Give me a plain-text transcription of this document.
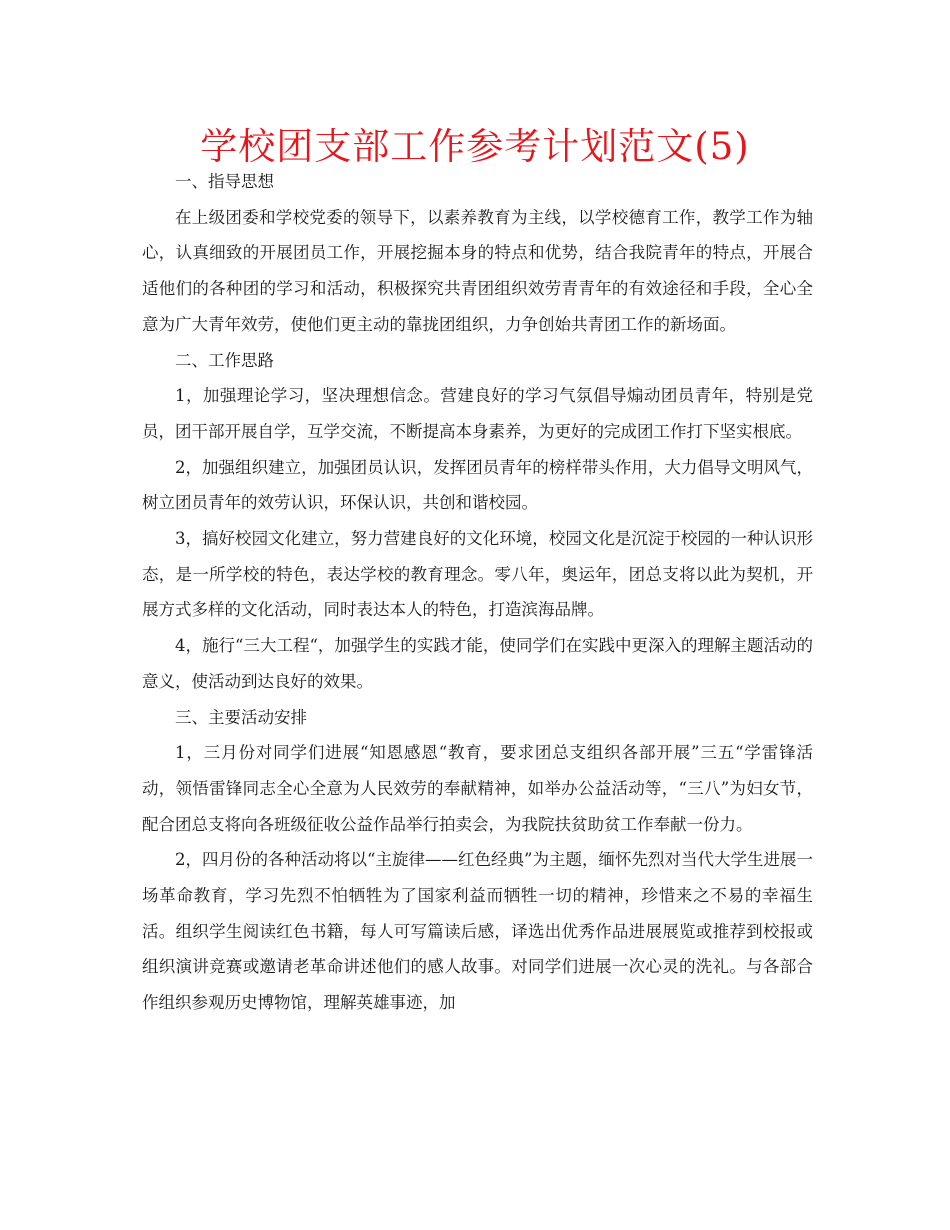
学校团支部工作参考计划范文(5)

一、指导思想

在上级团委和学校党委的领导下，以素养教育为主线，以学校德育工作，教学工作为轴心，认真细致的开展团员工作，开展挖掘本身的特点和优势，结合我院青年的特点，开展合适他们的各种团的学习和活动，积极探究共青团组织效劳青青年的有效途径和手段，全心全意为广大青年效劳，使他们更主动的靠拢团组织，力争创始共青团工作的新场面。

二、工作思路

1，加强理论学习，坚决理想信念。营建良好的学习气氛倡导煽动团员青年，特别是党员，团干部开展自学，互学交流，不断提高本身素养，为更好的完成团工作打下坚实根底。

2，加强组织建立，加强团员认识，发挥团员青年的榜样带头作用，大力倡导文明风气，树立团员青年的效劳认识，环保认识，共创和谐校园。

3，搞好校园文化建立，努力营建良好的文化环境，校园文化是沉淀于校园的一种认识形态，是一所学校的特色，表达学校的教育理念。零八年，奥运年，团总支将以此为契机，开展方式多样的文化活动，同时表达本人的特色，打造滨海品牌。

4，施行“三大工程“，加强学生的实践才能，使同学们在实践中更深入的理解主题活动的意义，使活动到达良好的效果。

三、主要活动安排

1，三月份对同学们进展“知恩感恩“教育，要求团总支组织各部开展”三五“学雷锋活动，领悟雷锋同志全心全意为人民效劳的奉献精神，如举办公益活动等，“三八”为妇女节，配合团总支将向各班级征收公益作品举行拍卖会，为我院扶贫助贫工作奉献一份力。

2，四月份的各种活动将以“主旋律——红色经典”为主题，缅怀先烈对当代大学生进展一场革命教育，学习先烈不怕牺牲为了国家利益而牺牲一切的精神，珍惜来之不易的幸福生活。组织学生阅读红色书籍，每人可写篇读后感，译选出优秀作品进展展览或推荐到校报或组织演讲竞赛或邀请老革命讲述他们的感人故事。对同学们进展一次心灵的洗礼。与各部合作组织参观历史博物馆，理解英雄事迹，加
